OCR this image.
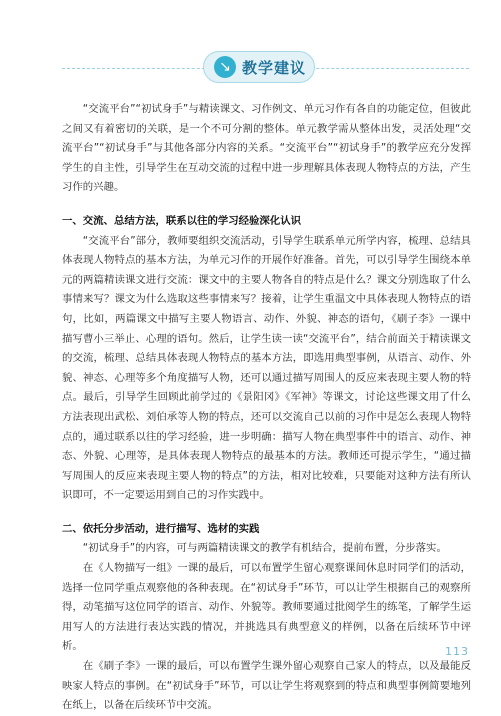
↘ 教学建议

“交流平台”“初试身手”与精读课文、习作例文、单元习作有各自的功能定位，但彼此之间又有着密切的关联，是一个不可分割的整体。单元教学需从整体出发，灵活处理“交流平台”“初试身手”与其他各部分内容的关系。“交流平台”“初试身手”的教学应充分发挥学生的自主性，引导学生在互动交流的过程中进一步理解具体表现人物特点的方法，产生习作的兴趣。

一、交流、总结方法，联系以往的学习经验深化认识

“交流平台”部分，教师要组织交流活动，引导学生联系单元所学内容，梳理、总结具体表现人物特点的基本方法，为单元习作的开展作好准备。首先，可以引导学生围绕本单元的两篇精读课文进行交流：课文中的主要人物各自的特点是什么？课文分别选取了什么事情来写？课文为什么选取这些事情来写？接着，让学生重温文中具体表现人物特点的语句，比如，两篇课文中描写主要人物语言、动作、外貌、神态的语句，《刷子李》一课中描写曹小三举止、心理的语句。然后，让学生读一读“交流平台”，结合前面关于精读课文的交流，梳理、总结具体表现人物特点的基本方法，即选用典型事例，从语言、动作、外貌、神态、心理等多个角度描写人物，还可以通过描写周围人的反应来表现主要人物的特点。最后，引导学生回顾此前学过的《景阳冈》《军神》等课文，讨论这些课文用了什么方法表现出武松、刘伯承等人物的特点，还可以交流自己以前的习作中是怎么表现人物特点的，通过联系以往的学习经验，进一步明确：描写人物在典型事件中的语言、动作、神态、外貌、心理等，是具体表现人物特点的最基本的方法。教师还可提示学生，“通过描写周围人的反应来表现主要人物的特点”的方法，相对比较难，只要能对这种方法有所认识即可，不一定要运用到自己的习作实践中。

二、依托分步活动，进行描写、选材的实践

“初试身手”的内容，可与两篇精读课文的教学有机结合，提前布置，分步落实。

在《人物描写一组》一课的最后，可以布置学生留心观察课间休息时同学们的活动，选择一位同学重点观察他的各种表现。在“初试身手”环节，可以让学生根据自己的观察所得，动笔描写这位同学的语言、动作、外貌等。教师要通过批阅学生的练笔，了解学生运用写人的方法进行表达实践的情况，并挑选具有典型意义的样例，以备在后续环节中评析。

在《刷子李》一课的最后，可以布置学生课外留心观察自己家人的特点，以及最能反映家人特点的事例。在“初试身手”环节，可以让学生将观察到的特点和典型事例简要地列在纸上，以备在后续环节中交流。

113
